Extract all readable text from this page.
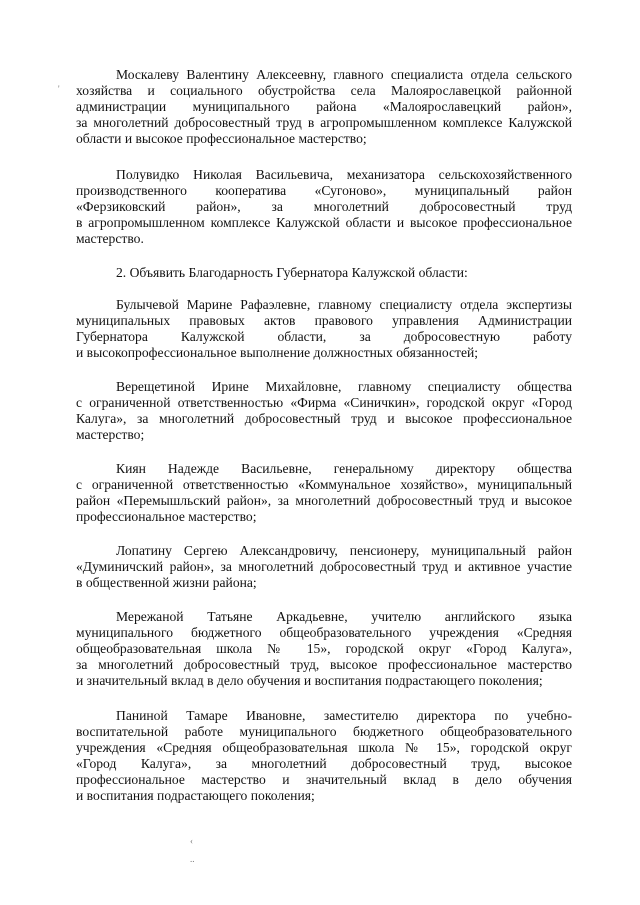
'
Москалеву Валентину Алексеевну, главного специалиста отдела сельского
хозяйства и социального обустройства села Малоярославецкой районной
администрации муниципального района «Малоярославецкий район»,
за многолетний добросовестный труд в агропромышленном комплексе Калужской
области и высокое профессиональное мастерство;
Полувидко Николая Васильевича, механизатора сельскохозяйственного
производственного кооператива «Сугоново», муниципальный район
«Ферзиковский район», за многолетний добросовестный труд
в агропромышленном комплексе Калужской области и высокое профессиональное
мастерство.
2. Объявить Благодарность Губернатора Калужской области:
Булычевой Марине Рафаэлевне, главному специалисту отдела экспертизы
муниципальных правовых актов правового управления Администрации
Губернатора Калужской области, за добросовестную работу
и высокопрофессиональное выполнение должностных обязанностей;
Верещетиной Ирине Михайловне, главному специалисту общества
с ограниченной ответственностью «Фирма «Синичкин», городской округ «Город
Калуга», за многолетний добросовестный труд и высокое профессиональное
мастерство;
Киян Надежде Васильевне, генеральному директору общества
с ограниченной ответственностью «Коммунальное хозяйство», муниципальный
район «Перемышльский район», за многолетний добросовестный труд и высокое
профессиональное мастерство;
Лопатину Сергею Александровичу, пенсионеру, муниципальный район
«Думиничский район», за многолетний добросовестный труд и активное участие
в общественной жизни района;
Мережаной Татьяне Аркадьевне, учителю английского языка
муниципального бюджетного общеобразовательного учреждения «Средняя
общеобразовательная школа № 15», городской округ «Город Калуга»,
за многолетний добросовестный труд, высокое профессиональное мастерство
и значительный вклад в дело обучения и воспитания подрастающего поколения;
Паниной Тамаре Ивановне, заместителю директора по учебно-
воспитательной работе муниципального бюджетного общеобразовательного
учреждения «Средняя общеобразовательная школа № 15», городской округ
«Город Калуга», за многолетний добросовестный труд, высокое
профессиональное мастерство и значительный вклад в дело обучения
и воспитания подрастающего поколения;
‹
..
